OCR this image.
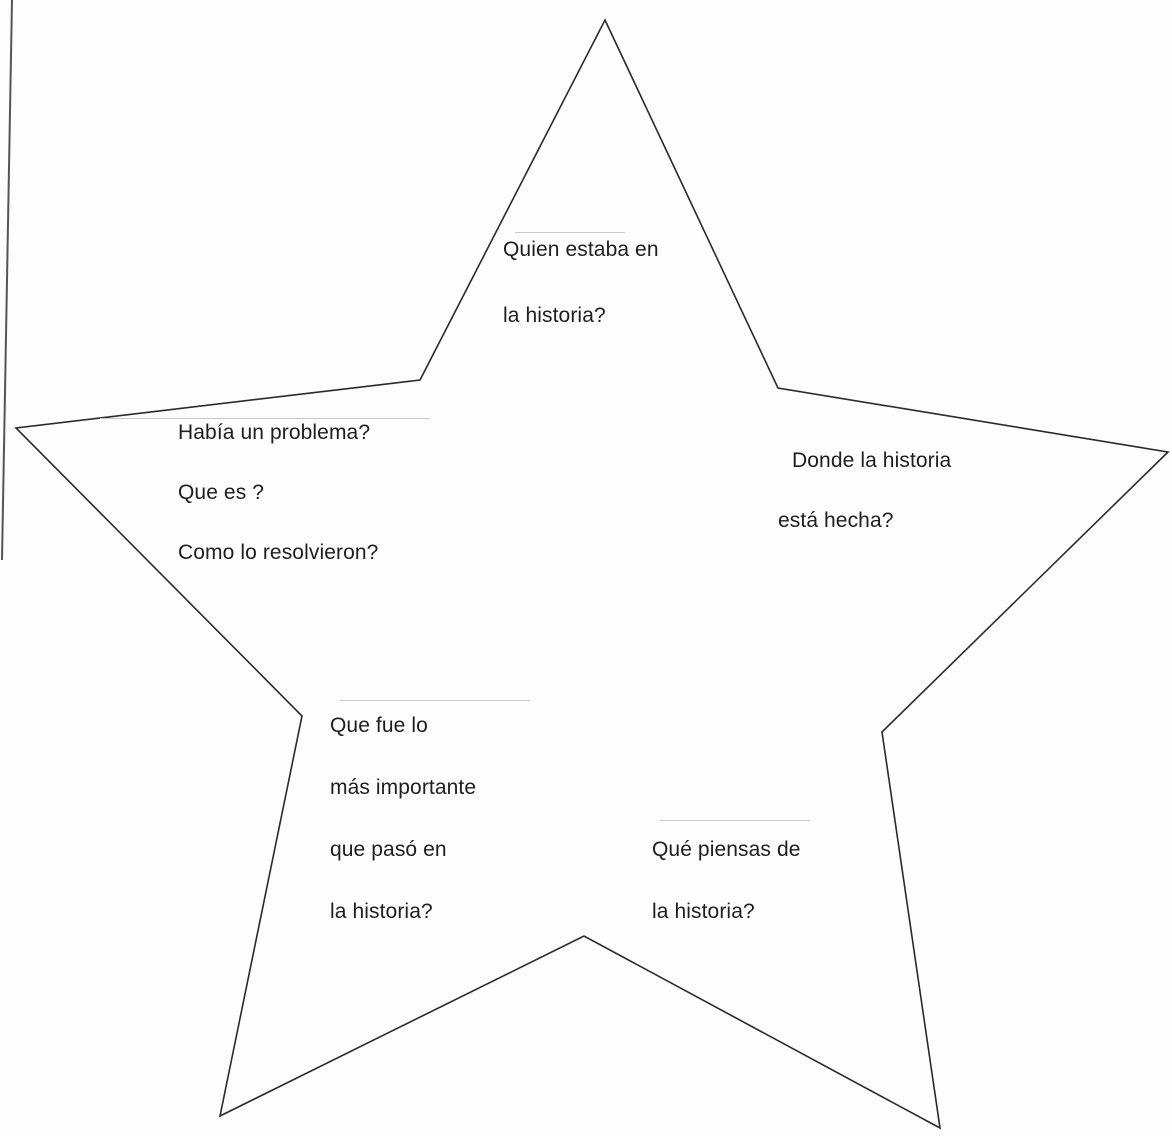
Quien estaba en
la historia?
Había un problema?
Que es ?
Como lo resolvieron?
Donde la historia
está hecha?
Que fue lo
más importante
que pasó en
la historia?
Qué piensas de
la historia?
